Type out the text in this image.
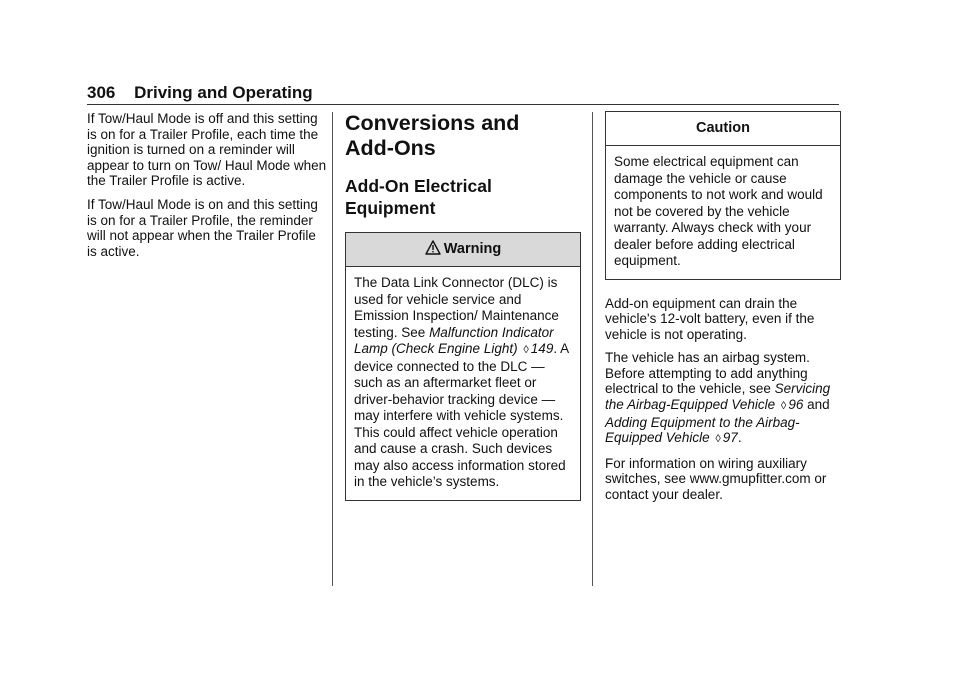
306 Driving and Operating

If Tow/Haul Mode is off and this setting is on for a Trailer Profile, each time the ignition is turned on a reminder will appear to turn on Tow/ Haul Mode when the Trailer Profile is active.

If Tow/Haul Mode is on and this setting is on for a Trailer Profile, the reminder will not appear when the Trailer Profile is active.

Conversions and
Add-Ons
Add-On Electrical
Equipment
Warning
The Data Link Connector (DLC) is used for vehicle service and Emission Inspection/ Maintenance testing. See Malfunction Indicator Lamp (Check Engine Light) ◊ 149. A device connected to the DLC — such as an aftermarket fleet or driver-behavior tracking device — may interfere with vehicle systems. This could affect vehicle operation and cause a crash. Such devices may also access information stored in the vehicle’s systems.
Caution
Some electrical equipment can damage the vehicle or cause components to not work and would not be covered by the vehicle warranty. Always check with your dealer before adding electrical equipment.

Add-on equipment can drain the vehicle's 12-volt battery, even if the vehicle is not operating.

The vehicle has an airbag system. Before attempting to add anything electrical to the vehicle, see Servicing the Airbag-Equipped Vehicle ◊ 96 and Adding Equipment to the Airbag-Equipped Vehicle ◊ 97.

For information on wiring auxiliary switches, see www.gmupfitter.com or contact your dealer.
